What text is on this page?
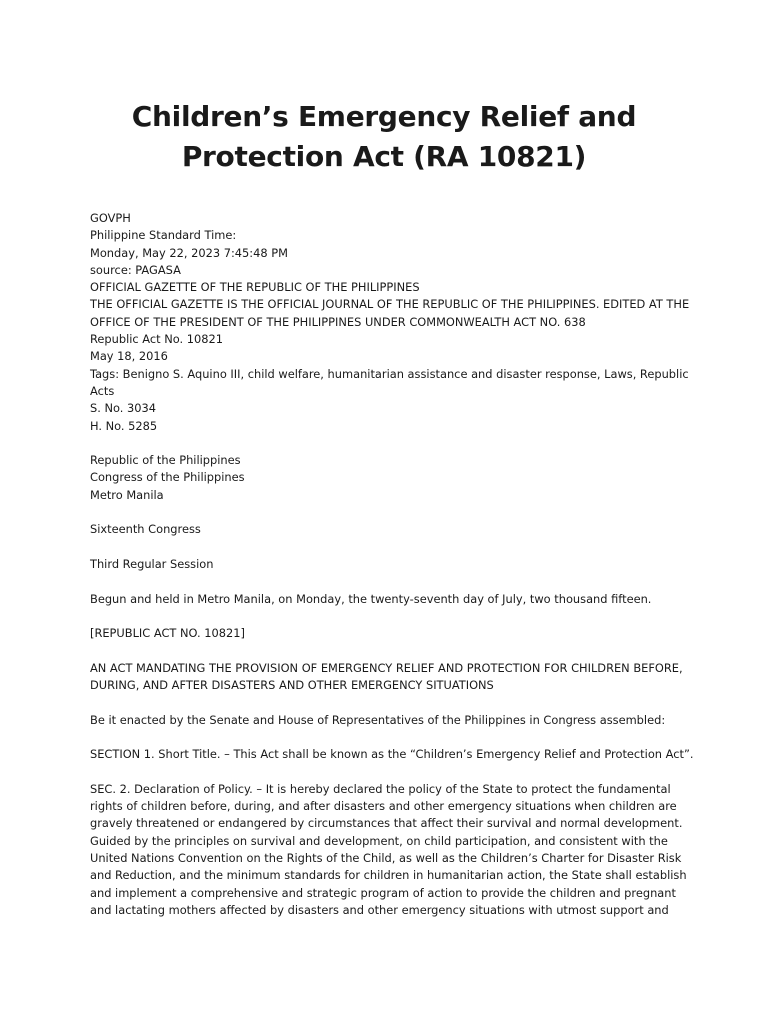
Children’s Emergency Relief and
Protection Act (RA 10821)
GOVPH
Philippine Standard Time:
Monday, May 22, 2023 7:45:48 PM
source: PAGASA
OFFICIAL GAZETTE OF THE REPUBLIC OF THE PHILIPPINES
THE OFFICIAL GAZETTE IS THE OFFICIAL JOURNAL OF THE REPUBLIC OF THE PHILIPPINES. EDITED AT THE
OFFICE OF THE PRESIDENT OF THE PHILIPPINES UNDER COMMONWEALTH ACT NO. 638
Republic Act No. 10821
May 18, 2016
Tags: Benigno S. Aquino III, child welfare, humanitarian assistance and disaster response, Laws, Republic
Acts
S. No. 3034
H. No. 5285
Republic of the Philippines
Congress of the Philippines
Metro Manila
Sixteenth Congress
Third Regular Session
Begun and held in Metro Manila, on Monday, the twenty-seventh day of July, two thousand fifteen.
[REPUBLIC ACT NO. 10821]
AN ACT MANDATING THE PROVISION OF EMERGENCY RELIEF AND PROTECTION FOR CHILDREN BEFORE,
DURING, AND AFTER DISASTERS AND OTHER EMERGENCY SITUATIONS
Be it enacted by the Senate and House of Representatives of the Philippines in Congress assembled:
SECTION 1. Short Title. – This Act shall be known as the “Children’s Emergency Relief and Protection Act”.
SEC. 2. Declaration of Policy. – It is hereby declared the policy of the State to protect the fundamental
rights of children before, during, and after disasters and other emergency situations when children are
gravely threatened or endangered by circumstances that affect their survival and normal development.
Guided by the principles on survival and development, on child participation, and consistent with the
United Nations Convention on the Rights of the Child, as well as the Children’s Charter for Disaster Risk
and Reduction, and the minimum standards for children in humanitarian action, the State shall establish
and implement a comprehensive and strategic program of action to provide the children and pregnant
and lactating mothers affected by disasters and other emergency situations with utmost support and
